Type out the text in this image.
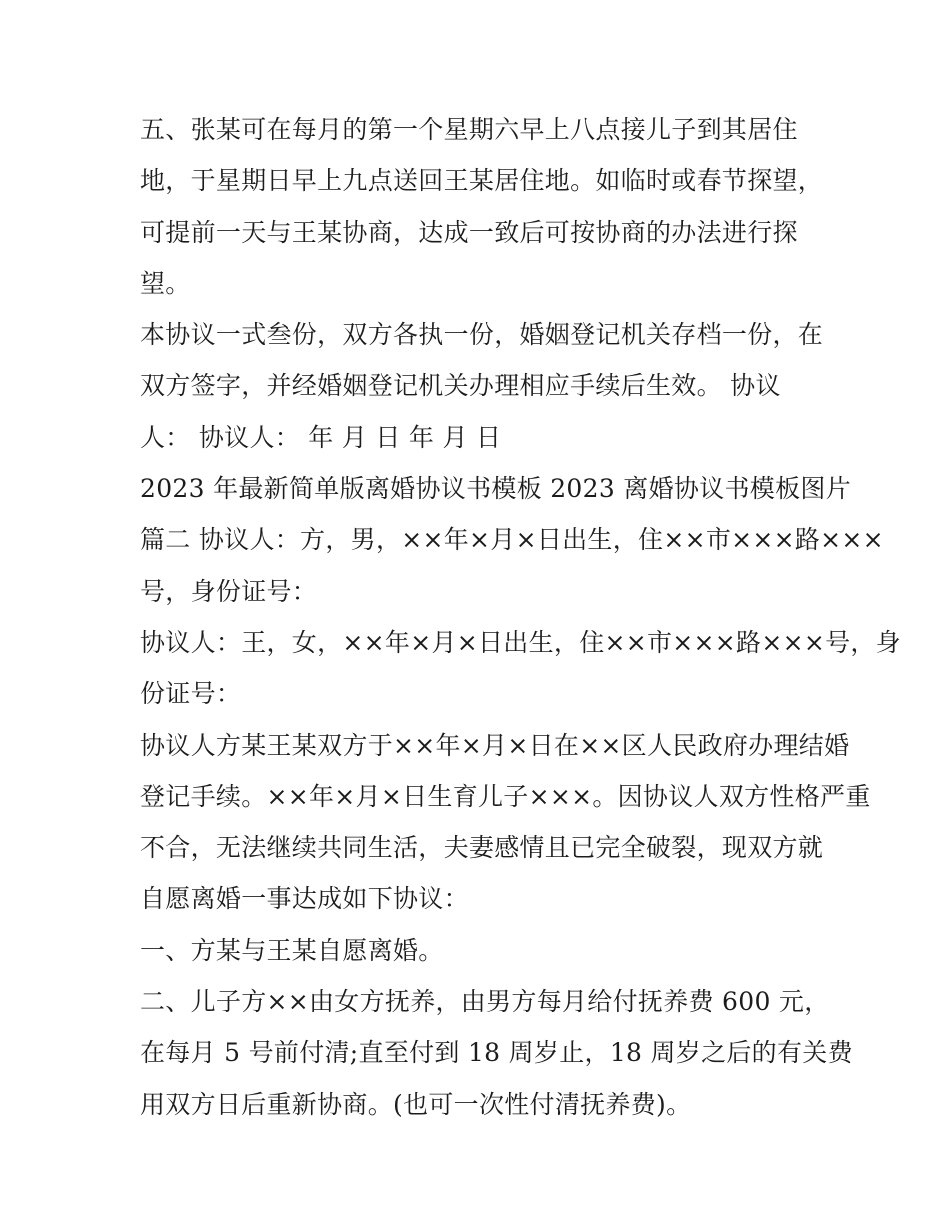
五、张某可在每月的第一个星期六早上八点接儿子到其居住
地，于星期日早上九点送回王某居住地。如临时或春节探望，
可提前一天与王某协商，达成一致后可按协商的办法进行探
望。
本协议一式叁份，双方各执一份，婚姻登记机关存档一份，在
双方签字，并经婚姻登记机关办理相应手续后生效。 协议
人： 协议人： 年 月 日 年 月 日
2023 年最新简单版离婚协议书模板 2023 离婚协议书模板图片
篇二 协议人：方，男，××年×月×日出生，住××市×××路×××
号，身份证号：
协议人：王，女，××年×月×日出生，住××市×××路×××号，身
份证号：
协议人方某王某双方于××年×月×日在××区人民政府办理结婚
登记手续。××年×月×日生育儿子×××。因协议人双方性格严重
不合，无法继续共同生活，夫妻感情且已完全破裂，现双方就
自愿离婚一事达成如下协议：
一、方某与王某自愿离婚。
二、儿子方××由女方抚养，由男方每月给付抚养费 600 元，
在每月 5 号前付清;直至付到 18 周岁止，18 周岁之后的有关费
用双方日后重新协商。(也可一次性付清抚养费)。
